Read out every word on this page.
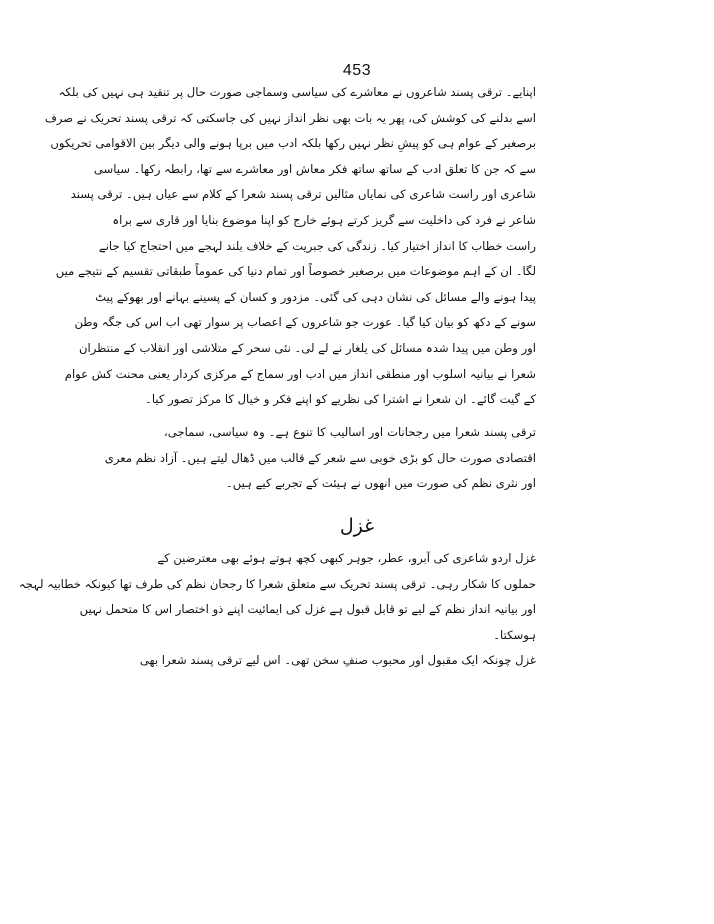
453
اپنایے۔ ترقی پسند شاعروں نے معاشرے کی سیاسی وسماجی صورت حال پر تنقید ہی نہیں کی بلکہ
اسے بدلنے کی کوشش کی، پھر یہ بات بھی نظر انداز نہیں کی جاسکتی کہ ترقی پسند تحریک نے صرف
برصغیر کے عوام ہی کو پیشِ نظر نہیں رکھا بلکہ ادب میں برپا ہونے والی دیگر بین الاقوامی تحریکوں
سے کہ جن کا تعلق ادب کے ساتھ ساتھ فکر معاش اور معاشرے سے تھا، رابطہ رکھا۔ سیاسی
شاعری اور راست شاعری کی نمایاں مثالیں ترقی پسند شعرا کے کلام سے عیاں ہیں۔ ترقی پسند
شاعر نے فرد کی داخلیت سے گریز کرتے ہوئے خارج کو اپنا موضوع بنایا اور قاری سے براہ
راست خطاب کا انداز اختیار کیا۔ زندگی کی جبریت کے خلاف بلند لہجے میں احتجاج کیا جانے
لگا۔ ان کے اہم موضوعات میں برصغیر خصوصاً اور تمام دنیا کی عموماً طبقاتی تقسیم کے نتیجے میں
پیدا ہونے والے مسائل کی نشان دہی کی گئی۔ مزدور و کسان کے پسینے بہانے اور بھوکے پیٹ
سونے کے دکھ کو بیان کیا گیا۔ عورت جو شاعروں کے اعصاب پر سوار تھی اب اس کی جگہ وطن
اور وطن میں پیدا شدہ مسائل کی یلغار نے لے لی۔ نئی سحر کے متلاشی اور انقلاب کے منتظران
شعرا نے بیانیہ اسلوب اور منطقی انداز میں ادب اور سماج کے مرکزی کردار یعنی محنت کش عوام
کے گیت گائے۔ ان شعرا نے اشترا کی نظریے کو اپنے فکر و خیال کا مرکز تصور کیا۔
ترقی پسند شعرا میں رجحانات اور اسالیب کا تنوع ہے۔ وہ سیاسی، سماجی،
اقتصادی صورت حال کو بڑی خوبی سے شعر کے قالب میں ڈھال لیتے ہیں۔ آزاد نظم معری
اور نثری نظم کی صورت میں انھوں نے ہیئت کے تجربے کیے ہیں۔
غزل
غزل اردو شاعری کی آبرو، عطر، جوہر کبھی کچھ ہوتے ہوئے بھی معترضین کے
حملوں کا شکار رہی۔ ترقی پسند تحریک سے متعلق شعرا کا رجحان نظم کی طرف تھا کیونکہ خطابیہ لہجہ
اور بیانیہ انداز نظم کے لیے تو قابل قبول ہے غزل کی ایمائیت اپنے ذو اختصار اس کا متحمل نہیں
ہوسکتا۔
غزل چونکہ ایک مقبول اور محبوب صنفِ سخن تھی۔ اس لیے ترقی پسند شعرا بھی
